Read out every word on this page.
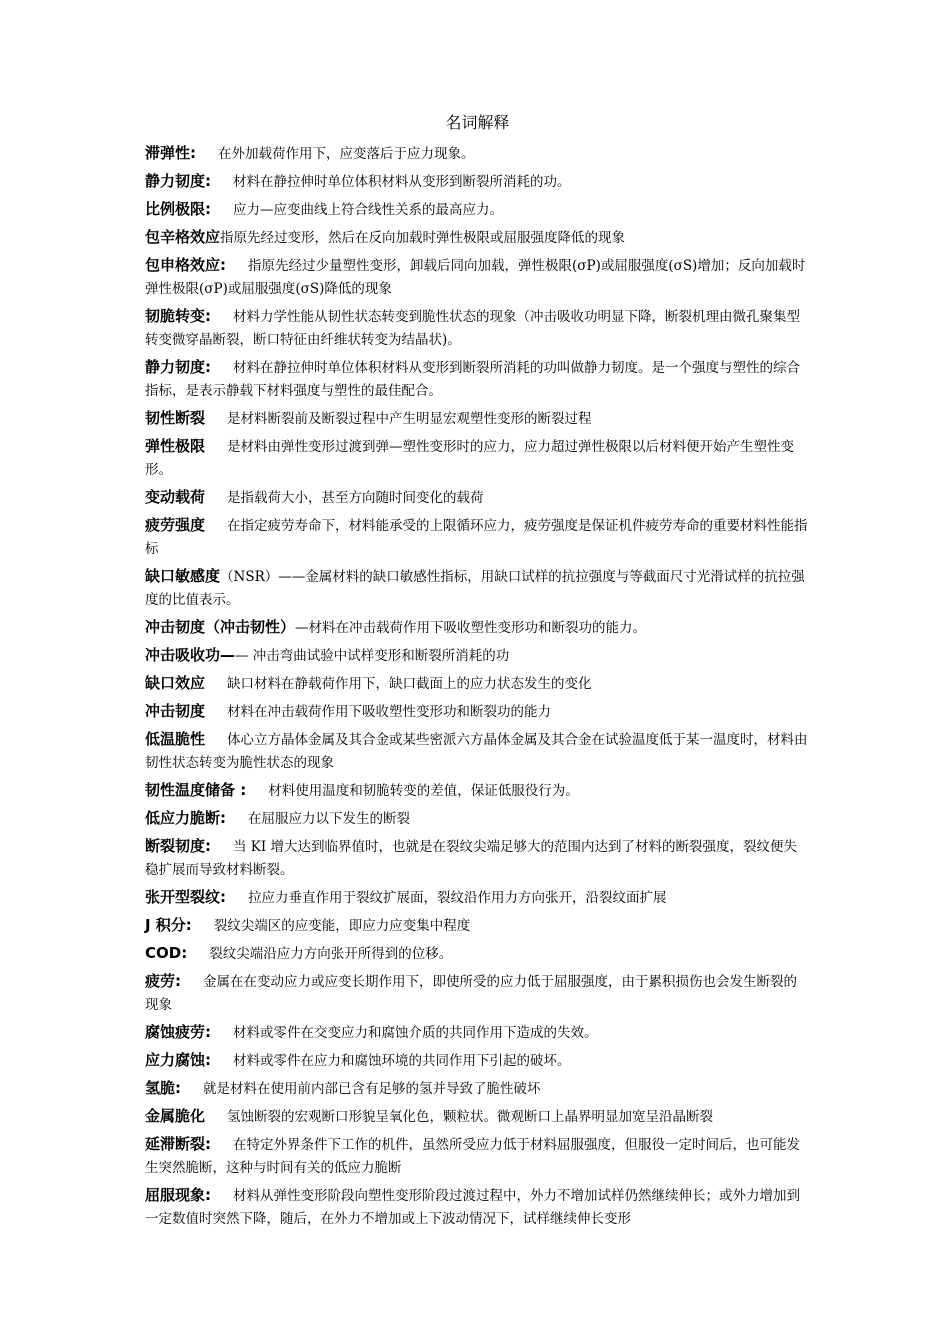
名词解释
滞弹性: 在外加载荷作用下，应变落后于应力现象。
静力韧度: 材料在静拉伸时单位体积材料从变形到断裂所消耗的功。
比例极限: 应力—应变曲线上符合线性关系的最高应力。
包辛格效应指原先经过变形，然后在反向加载时弹性极限或屈服强度降低的现象
包申格效应: 指原先经过少量塑性变形，卸载后同向加载，弹性极限(σP)或屈服强度(σS)增加；反向加载时弹性极限(σP)或屈服强度(σS)降低的现象
韧脆转变: 材料力学性能从韧性状态转变到脆性状态的现象（冲击吸收功明显下降，断裂机理由微孔聚集型转变微穿晶断裂，断口特征由纤维状转变为结晶状)。
静力韧度: 材料在静拉伸时单位体积材料从变形到断裂所消耗的功叫做静力韧度。是一个强度与塑性的综合指标，是表示静载下材料强度与塑性的最佳配合。
韧性断裂 是材料断裂前及断裂过程中产生明显宏观塑性变形的断裂过程
弹性极限 是材料由弹性变形过渡到弹—塑性变形时的应力，应力超过弹性极限以后材料便开始产生塑性变形。
变动载荷 是指载荷大小，甚至方向随时间变化的载荷
疲劳强度 在指定疲劳寿命下，材料能承受的上限循环应力，疲劳强度是保证机件疲劳寿命的重要材料性能指标
缺口敏感度（NSR）——金属材料的缺口敏感性指标，用缺口试样的抗拉强度与等截面尺寸光滑试样的抗拉强度的比值表示。
冲击韧度（冲击韧性）—材料在冲击载荷作用下吸收塑性变形功和断裂功的能力。
冲击吸收功—— 冲击弯曲试验中试样变形和断裂所消耗的功
缺口效应 缺口材料在静载荷作用下，缺口截面上的应力状态发生的变化
冲击韧度 材料在冲击载荷作用下吸收塑性变形功和断裂功的能力
低温脆性 体心立方晶体金属及其合金或某些密派六方晶体金属及其合金在试验温度低于某一温度时，材料由韧性状态转变为脆性状态的现象
韧性温度储备 : 材料使用温度和韧脆转变的差值，保证低服役行为。
低应力脆断: 在屈服应力以下发生的断裂
断裂韧度: 当 KI 增大达到临界值时，也就是在裂纹尖端足够大的范围内达到了材料的断裂强度，裂纹便失稳扩展而导致材料断裂。
张开型裂纹: 拉应力垂直作用于裂纹扩展面，裂纹沿作用力方向张开，沿裂纹面扩展
J 积分: 裂纹尖端区的应变能，即应力应变集中程度
COD: 裂纹尖端沿应力方向张开所得到的位移。
疲劳: 金属在在变动应力或应变长期作用下，即使所受的应力低于屈服强度，由于累积损伤也会发生断裂的现象
腐蚀疲劳: 材料或零件在交变应力和腐蚀介质的共同作用下造成的失效。
应力腐蚀: 材料或零件在应力和腐蚀环境的共同作用下引起的破坏。
氢脆: 就是材料在使用前内部已含有足够的氢并导致了脆性破坏
金属脆化 氢蚀断裂的宏观断口形貌呈氧化色，颗粒状。微观断口上晶界明显加宽呈沿晶断裂
延滞断裂: 在特定外界条件下工作的机件，虽然所受应力低于材料屈服强度，但服役一定时间后，也可能发生突然脆断，这种与时间有关的低应力脆断
屈服现象: 材料从弹性变形阶段向塑性变形阶段过渡过程中，外力不增加试样仍然继续伸长；或外力增加到一定数值时突然下降，随后，在外力不增加或上下波动情况下，试样继续伸长变形
